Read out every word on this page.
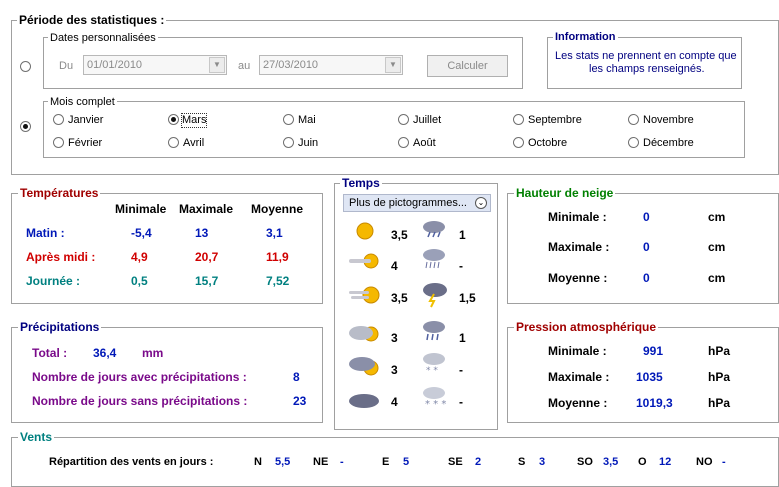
Période des statistiques :
Dates personnalisées
Du	01/01/2010	▼	au	27/03/2010	▼	Calculer
Information
Les stats ne prennent en compte que
les champs renseignés.
Mois complet
Janvier	Mars	Mai	Juillet	Septembre	Novembre
Février	Avril	Juin	Août	Octobre	Décembre
Températures
Minimale Maximale Moyenne
Matin :	-5,4	13	3,1
Après midi :	4,9	20,7	11,9
Journée :	0,5	15,7	7,52
Temps
Plus de pictogrammes...	⌄
3,5	1
4	-
3,5	1,5
3	1
3	* * -
4	* * * -
Hauteur de neige
Minimale :	0	cm
Maximale :	0	cm
Moyenne :	0	cm
Précipitations
Total : 36,4 mm
Nombre de jours avec précipitations :	8
Nombre de jours sans précipitations :	23
Pression atmosphérique
Minimale :	991	hPa
Maximale : 1035	hPa
Moyenne : 1019,3	hPa
Vents
Répartition des vents en jours :	N 5,5 NE -	E 5	SE 2	S 3	SO 3,5 O 12 NO -
